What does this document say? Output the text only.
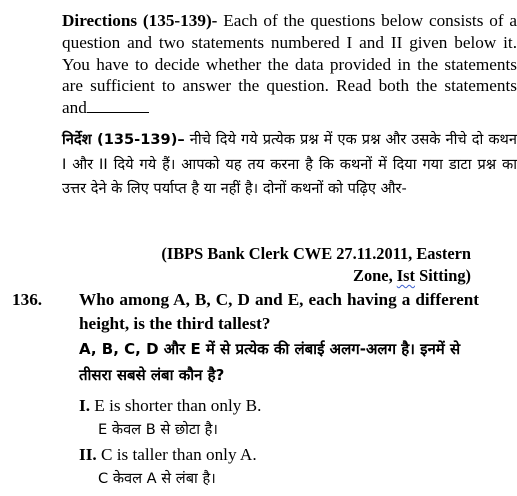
Directions (135-139)- Each of the questions below consists of a question and two statements numbered I and II given below it. You have to decide whether the data provided in the statements are sufficient to answer the question. Read both the statements and

निर्देश (135-139)– नीचे दिये गये प्रत्येक प्रश्न में एक प्रश्न और उसके नीचे दो कथन I और II दिये गये हैं। आपको यह तय करना है कि कथनों में दिया गया डाटा प्रश्न का उत्तर देने के लिए पर्याप्त है या नहीं है। दोनों कथनों को पढ़िए और-

(IBPS Bank Clerk CWE 27.11.2011, Eastern
Zone, Ist Sitting)

136. Who among A, B, C, D and E, each having a different height, is the third tallest?

A, B, C, D और E में से प्रत्येक की लंबाई अलग-अलग है। इनमें से तीसरा सबसे लंबा कौन है?

I. E is shorter than only B.

E केवल B से छोटा है।

II. C is taller than only A.

C केवल A से लंबा है।
